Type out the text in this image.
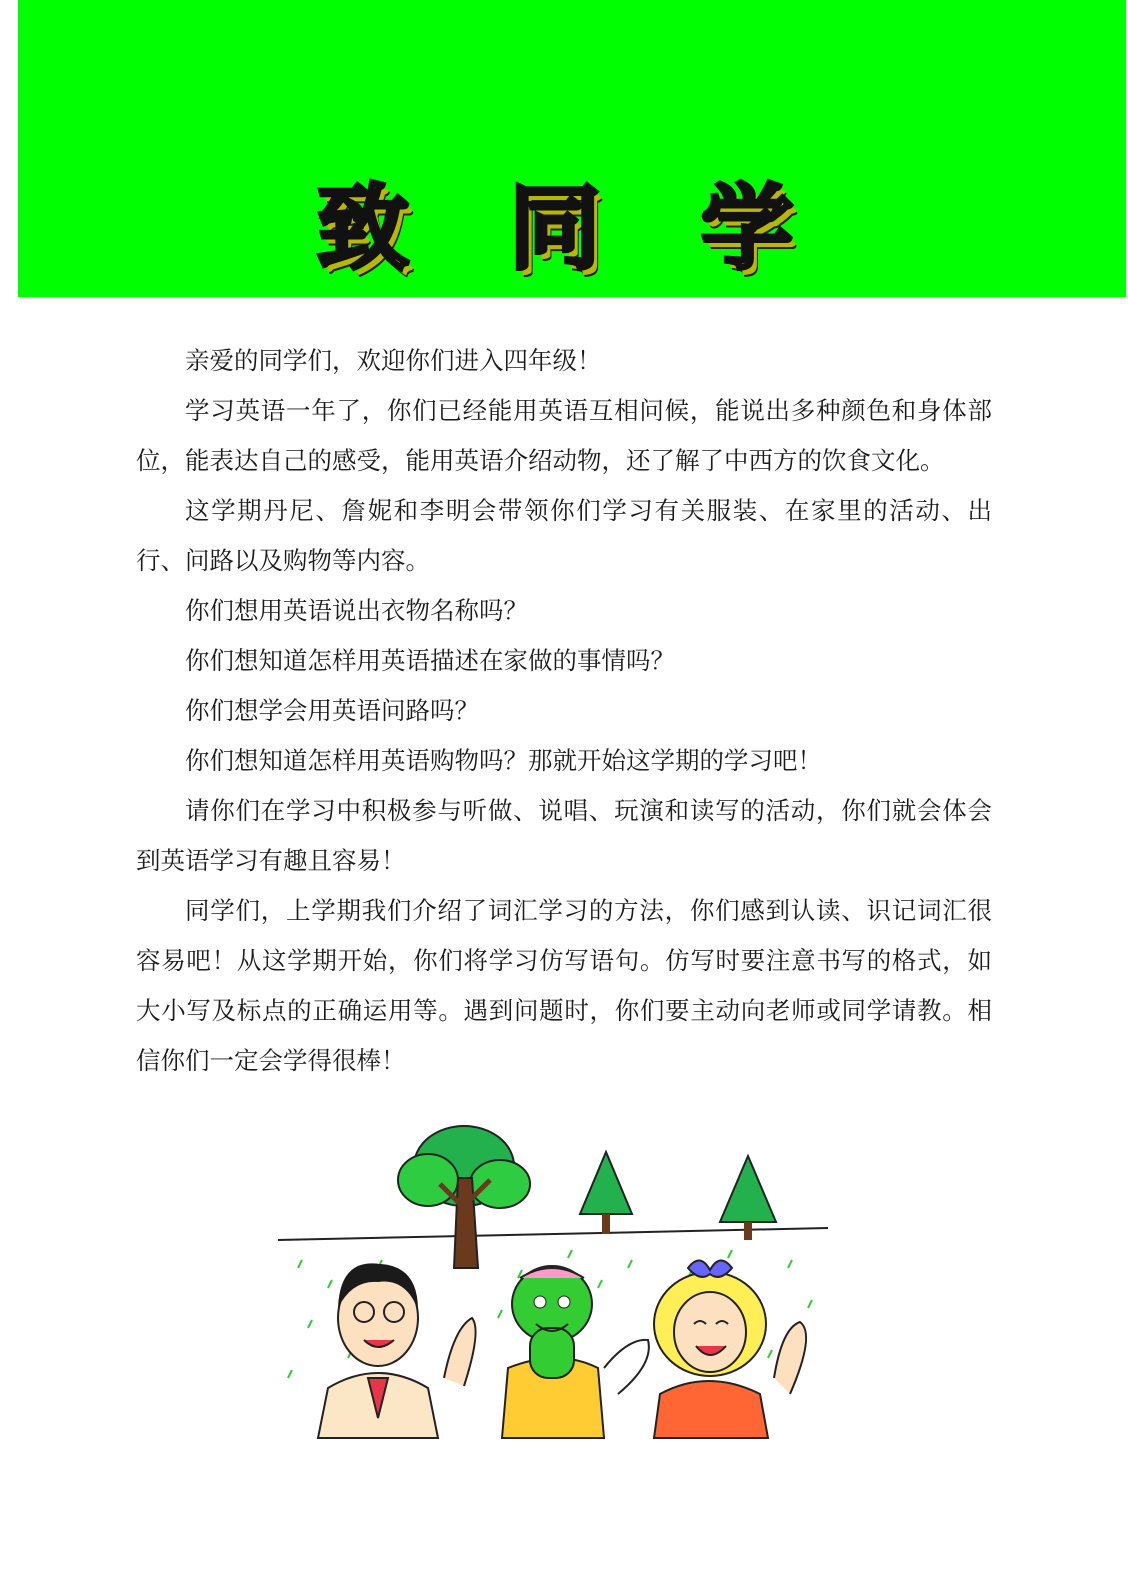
致 同 学

亲爱的同学们，欢迎你们进入四年级！

学习英语一年了，你们已经能用英语互相问候，能说出多种颜色和身体部位，能表达自己的感受，能用英语介绍动物，还了解了中西方的饮食文化。

这学期丹尼、詹妮和李明会带领你们学习有关服装、在家里的活动、出行、问路以及购物等内容。

你们想用英语说出衣物名称吗？

你们想知道怎样用英语描述在家做的事情吗？

你们想学会用英语问路吗？

你们想知道怎样用英语购物吗？那就开始这学期的学习吧！

请你们在学习中积极参与听做、说唱、玩演和读写的活动，你们就会体会到英语学习有趣且容易！

同学们，上学期我们介绍了词汇学习的方法，你们感到认读、识记词汇很容易吧！从这学期开始，你们将学习仿写语句。仿写时要注意书写的格式，如大小写及标点的正确运用等。遇到问题时，你们要主动向老师或同学请教。相信你们一定会学得很棒！
